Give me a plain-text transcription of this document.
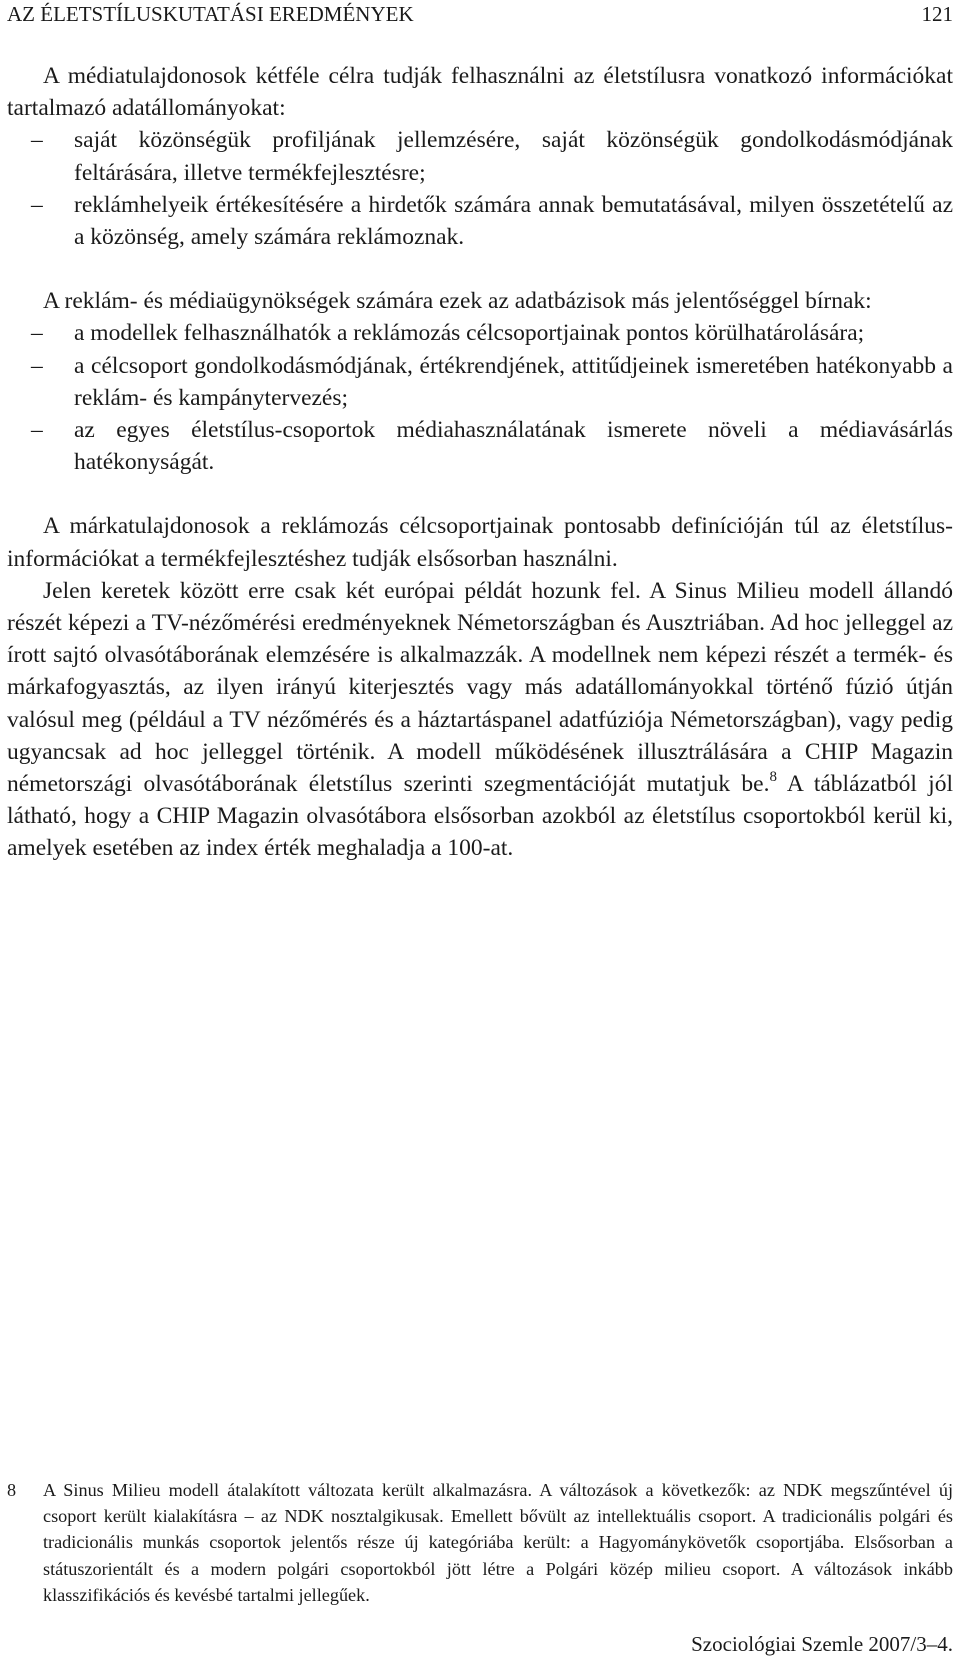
AZ ÉLETSTÍLUSKUTATÁSI EREDMÉNYEK	121

A médiatulajdonosok kétféle célra tudják felhasználni az életstílusra vonatkozó információkat tartalmazó adatállományokat:

– saját közönségük profiljának jellemzésére, saját közönségük gondolkodásmódjának feltárására, illetve termékfejlesztésre;
– reklámhelyeik értékesítésére a hirdetők számára annak bemutatásával, milyen összetételű az a közönség, amely számára reklámoznak.

A reklám- és médiaügynökségek számára ezek az adatbázisok más jelentőséggel bírnak:

– a modellek felhasználhatók a reklámozás célcsoportjainak pontos körülhatárolására;
– a célcsoport gondolkodásmódjának, értékrendjének, attitűdjeinek ismeretében hatékonyabb a reklám- és kampánytervezés;
– az egyes életstílus-csoportok médiahasználatának ismerete növeli a médiavásárlás hatékonyságát.

A márkatulajdonosok a reklámozás célcsoportjainak pontosabb definícióján túl az életstílus-információkat a termékfejlesztéshez tudják elsősorban használni.

Jelen keretek között erre csak két európai példát hozunk fel. A Sinus Milieu modell állandó részét képezi a TV-nézőmérési eredményeknek Németországban és Ausztriában. Ad hoc jelleggel az írott sajtó olvasótáborának elemzésére is alkalmazzák. A modellnek nem képezi részét a termék- és márkafogyasztás, az ilyen irányú kiterjesztés vagy más adatállományokkal történő fúzió útján valósul meg (például a TV nézőmérés és a háztartáspanel adatfúziója Németországban), vagy pedig ugyancsak ad hoc jelleggel történik. A modell működésének illusztrálására a CHIP Magazin németországi olvasótáborának életstílus szerinti szegmentációját mutatjuk be.$^8$ A táblázatból jól látható, hogy a CHIP Magazin olvasótábora elsősorban azokból az életstílus csoportokból kerül ki, amelyek esetében az index érték meghaladja a 100-at.

8 A Sinus Milieu modell átalakított változata került alkalmazásra. A változások a következők: az NDK megszűntével új csoport került kialakításra – az NDK nosztalgikusak. Emellett bővült az intellektuális csoport. A tradicionális polgári és tradicionális munkás csoportok jelentős része új kategóriába került: a Hagyománykövetők csoportjába. Elsősorban a státuszorientált és a modern polgári csoportokból jött létre a Polgári közép milieu csoport. A változások inkább klasszifikációs és kevésbé tartalmi jellegűek.
Szociológiai Szemle 2007/3–4.
